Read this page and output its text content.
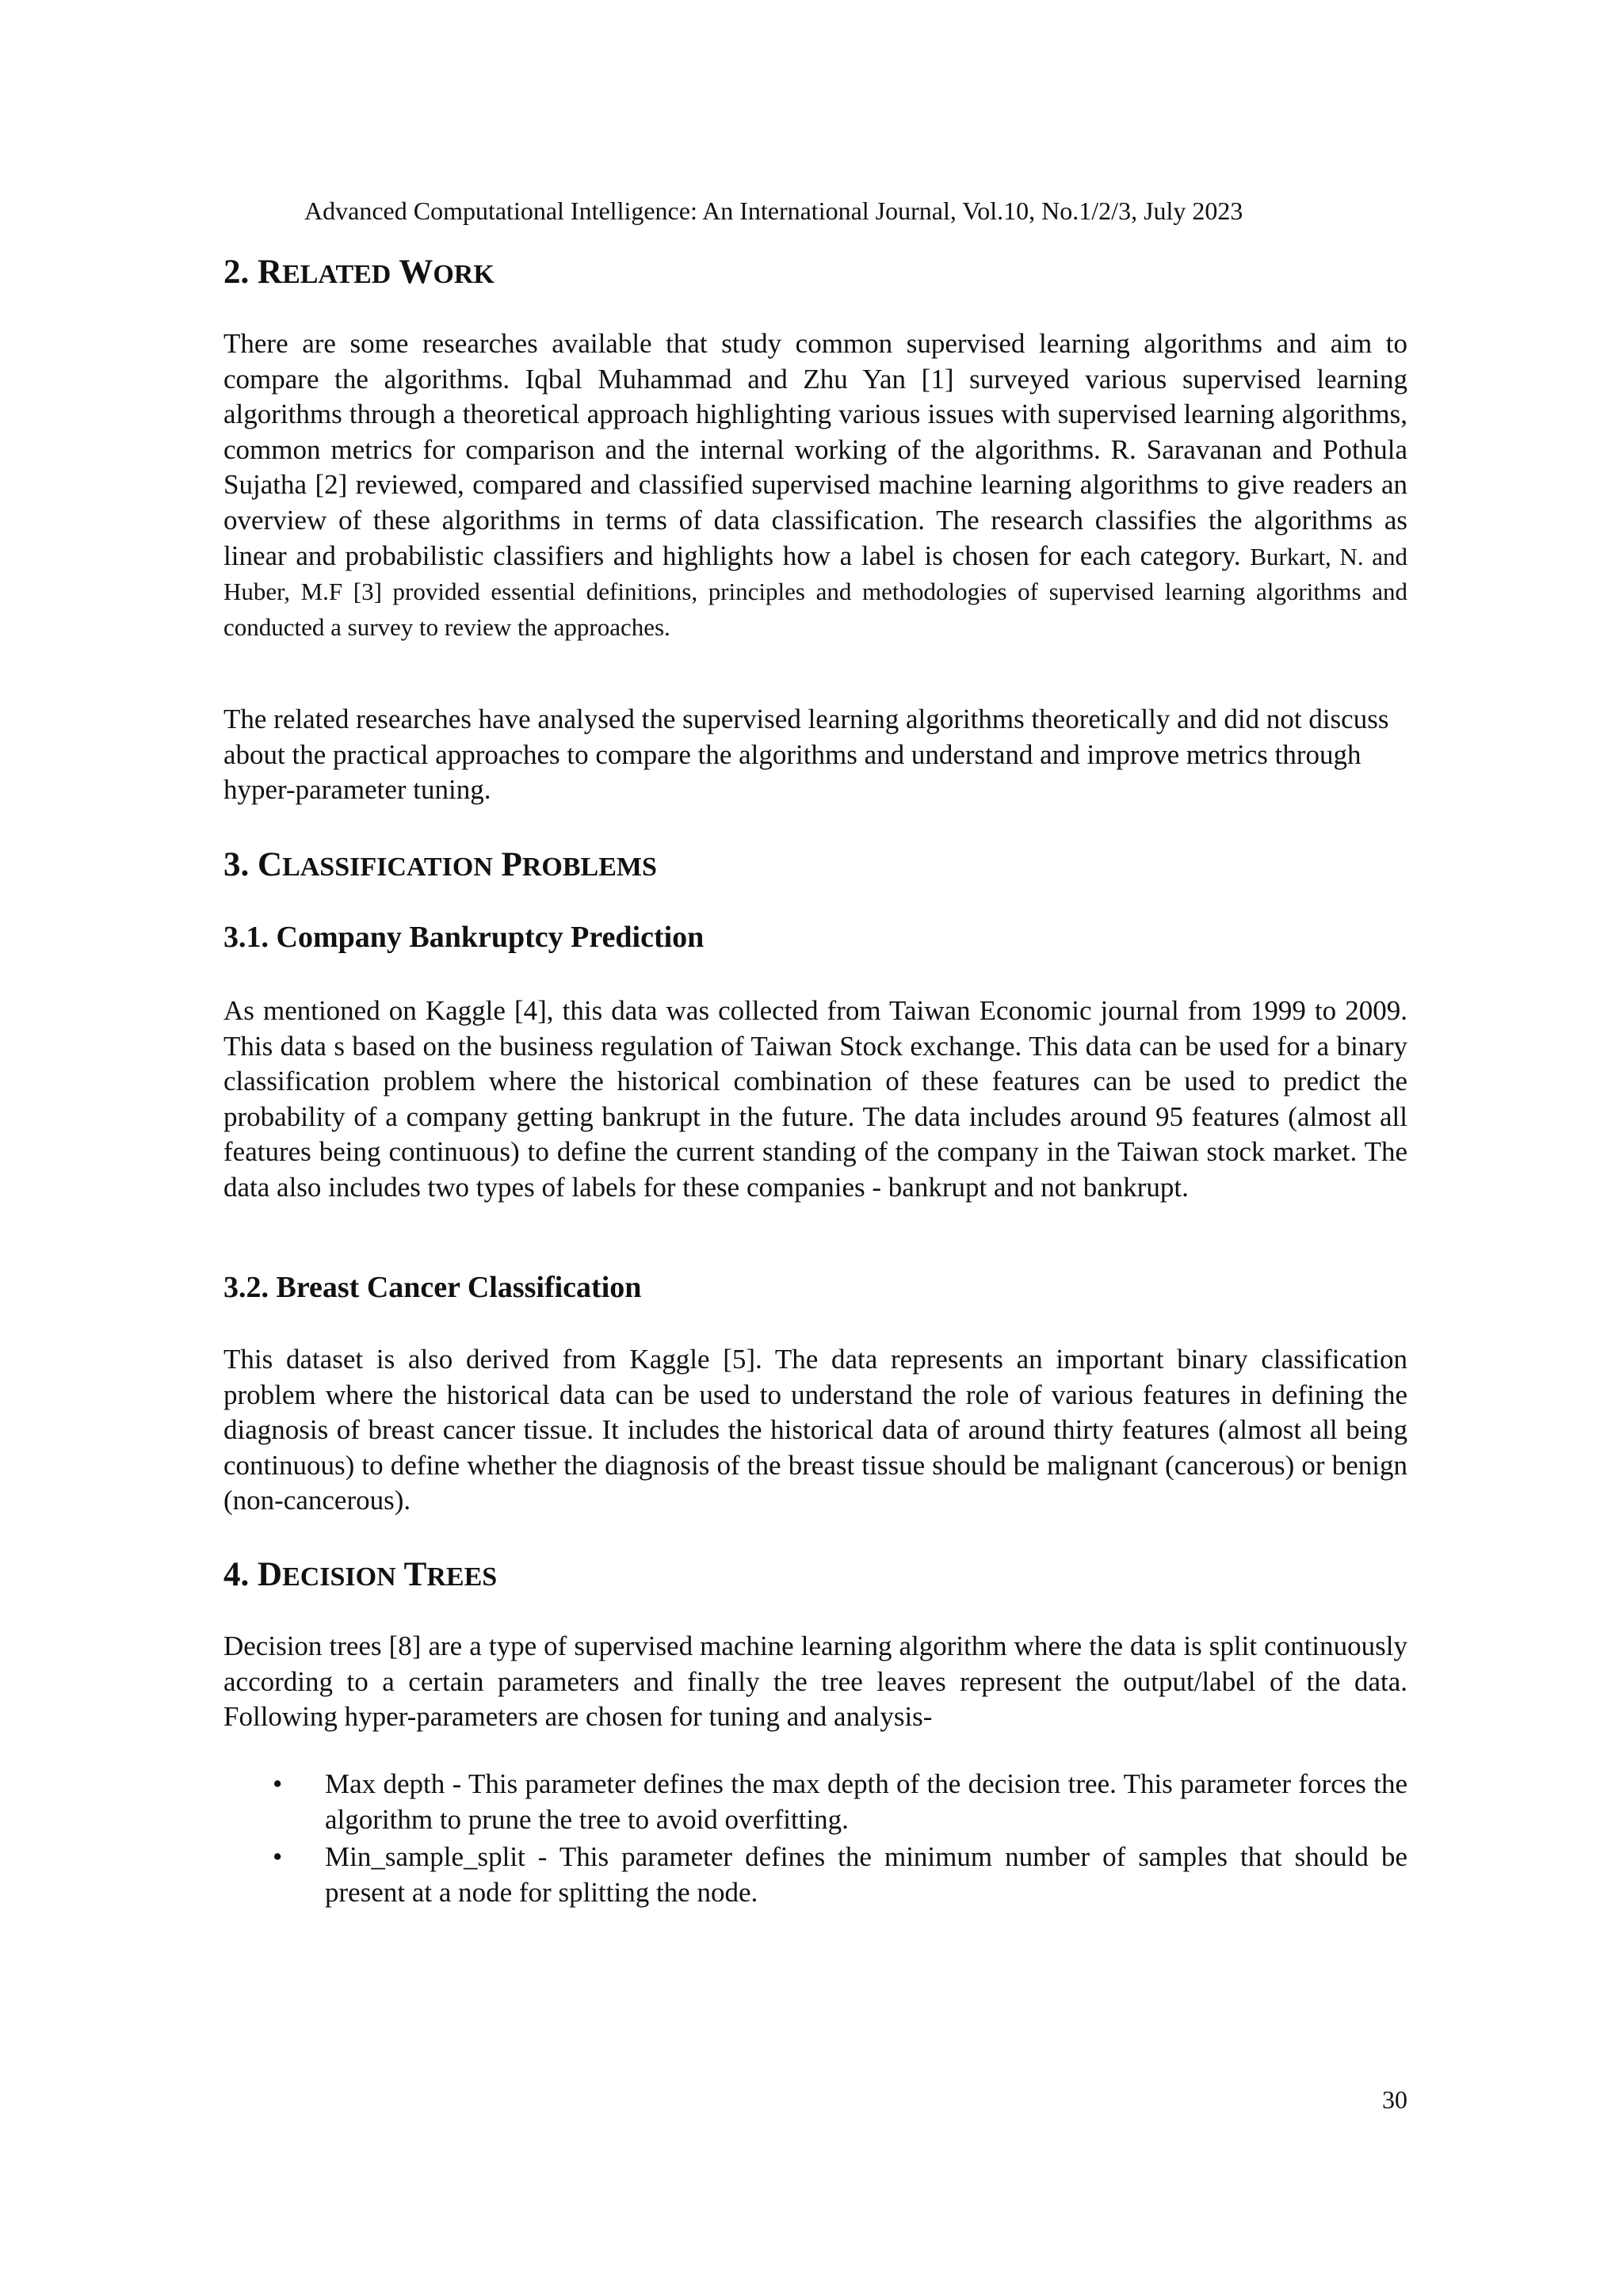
Advanced Computational Intelligence: An International Journal, Vol.10, No.1/2/3, July 2023
2. RELATED WORK

There are some researches available that study common supervised learning algorithms and aim to compare the algorithms. Iqbal Muhammad and Zhu Yan [1] surveyed various supervised learning algorithms through a theoretical approach highlighting various issues with supervised learning algorithms, common metrics for comparison and the internal working of the algorithms. R. Saravanan and Pothula Sujatha [2] reviewed, compared and classified supervised machine learning algorithms to give readers an overview of these algorithms in terms of data classification. The research classifies the algorithms as linear and probabilistic classifiers and highlights how a label is chosen for each category. Burkart, N. and Huber, M.F [3] provided essential definitions, principles and methodologies of supervised learning algorithms and conducted a survey to review the approaches.

The related researches have analysed the supervised learning algorithms theoretically and did not discuss about the practical approaches to compare the algorithms and understand and improve metrics through hyper-parameter tuning.

3. CLASSIFICATION PROBLEMS
3.1. Company Bankruptcy Prediction

As mentioned on Kaggle [4], this data was collected from Taiwan Economic journal from 1999 to 2009. This data s based on the business regulation of Taiwan Stock exchange. This data can be used for a binary classification problem where the historical combination of these features can be used to predict the probability of a company getting bankrupt in the future. The data includes around 95 features (almost all features being continuous) to define the current standing of the company in the Taiwan stock market. The data also includes two types of labels for these companies - bankrupt and not bankrupt.

3.2. Breast Cancer Classification

This dataset is also derived from Kaggle [5]. The data represents an important binary classification problem where the historical data can be used to understand the role of various features in defining the diagnosis of breast cancer tissue. It includes the historical data of around thirty features (almost all being continuous) to define whether the diagnosis of the breast tissue should be malignant (cancerous) or benign (non-cancerous).

4. DECISION TREES

Decision trees [8] are a type of supervised machine learning algorithm where the data is split continuously according to a certain parameters and finally the tree leaves represent the output/label of the data. Following hyper-parameters are chosen for tuning and analysis-

• Max depth - This parameter defines the max depth of the decision tree. This parameter forces the algorithm to prune the tree to avoid overfitting.
• Min_sample_split - This parameter defines the minimum number of samples that should be present at a node for splitting the node.
30
